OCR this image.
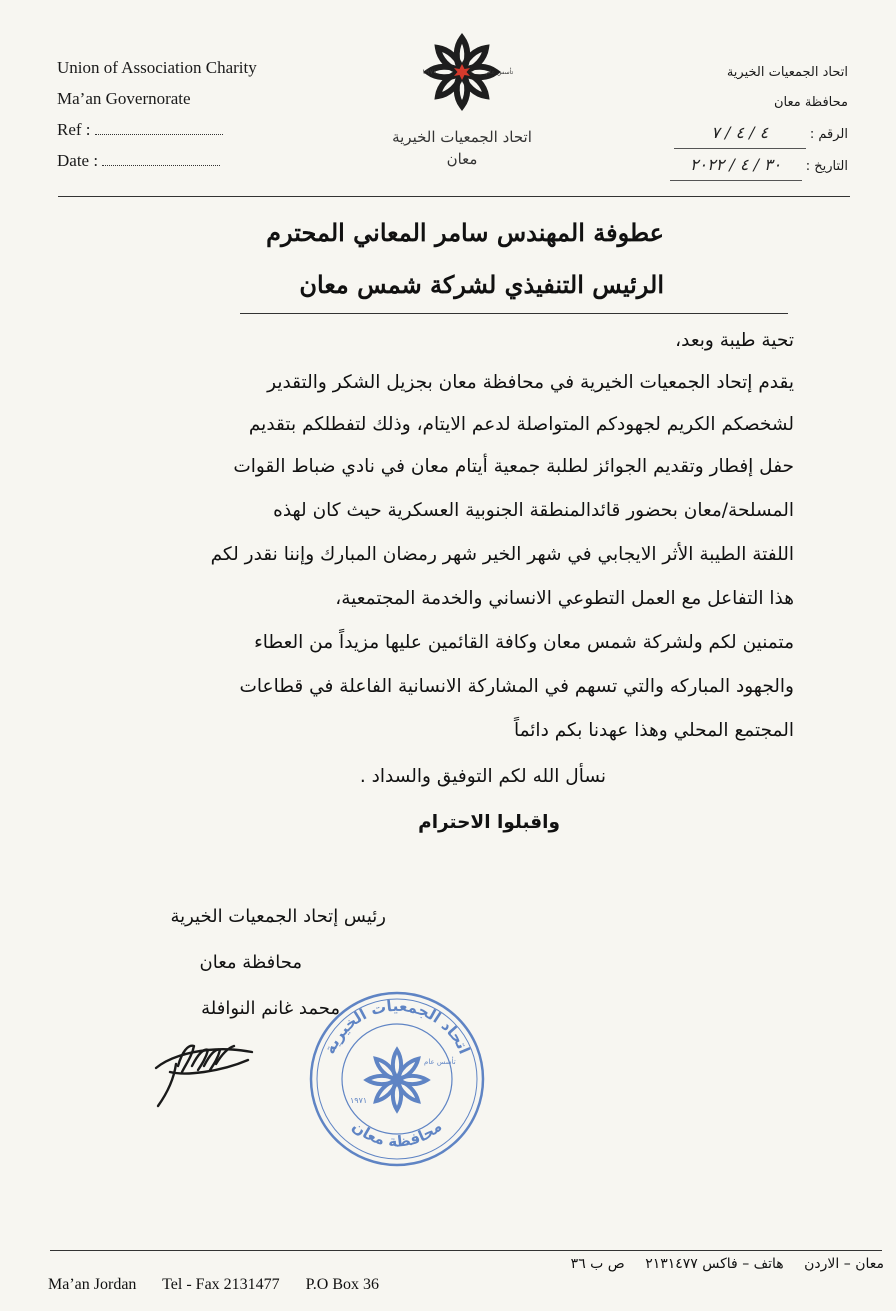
Union of Association Charity
Ma’an Governorate
Ref :
Date :
١٩٧١	تأسس عام
اتحاد الجمعيات الخيرية
معان
اتحاد الجمعيات الخيرية
محافظة معان
الرقم : ٤ / ٤ / ٧
التاريخ : ٣٠ / ٤ / ٢٠٢٢
عطوفة المهندس سامر المعاني المحترم
الرئيس التنفيذي لشركة شمس معان
تحية طيبة وبعد،
يقدم إتحاد الجمعيات الخيرية في محافظة معان بجزيل الشكر والتقدير
لشخصكم الكريم لجهودكم المتواصلة لدعم الايتام، وذلك لتفطلكم بتقديم
حفل إفطار وتقديم الجوائز لطلبة جمعية أيتام معان في نادي ضباط القوات
المسلحة/معان بحضور قائدالمنطقة الجنوبية العسكرية حيث كان لهذه
اللفتة الطيبة الأثر الايجابي في شهر الخير شهر رمضان المبارك وإننا نقدر لكم
هذا التفاعل مع العمل التطوعي الانساني والخدمة المجتمعية،
متمنين لكم ولشركة شمس معان وكافة القائمين عليها مزيداً من العطاء
والجهود المباركه والتي تسهم في المشاركة الانسانية الفاعلة في قطاعات
المجتمع المحلي وهذا عهدنا بكم دائماً
نسأل الله لكم التوفيق والسداد .
واقبلوا الاحترام
رئيس إتحاد الجمعيات الخيرية
محافظة معان
محمد غانم النوافلة
اتحاد الجمعيات الخيرية
محافظة معان
١٩٧١
تأسس عام
Ma’an Jordan Tel - Fax 2131477 P.O Box 36
معان – الاردن هاتف – فاكس ٢١٣١٤٧٧ ص ب ٣٦
